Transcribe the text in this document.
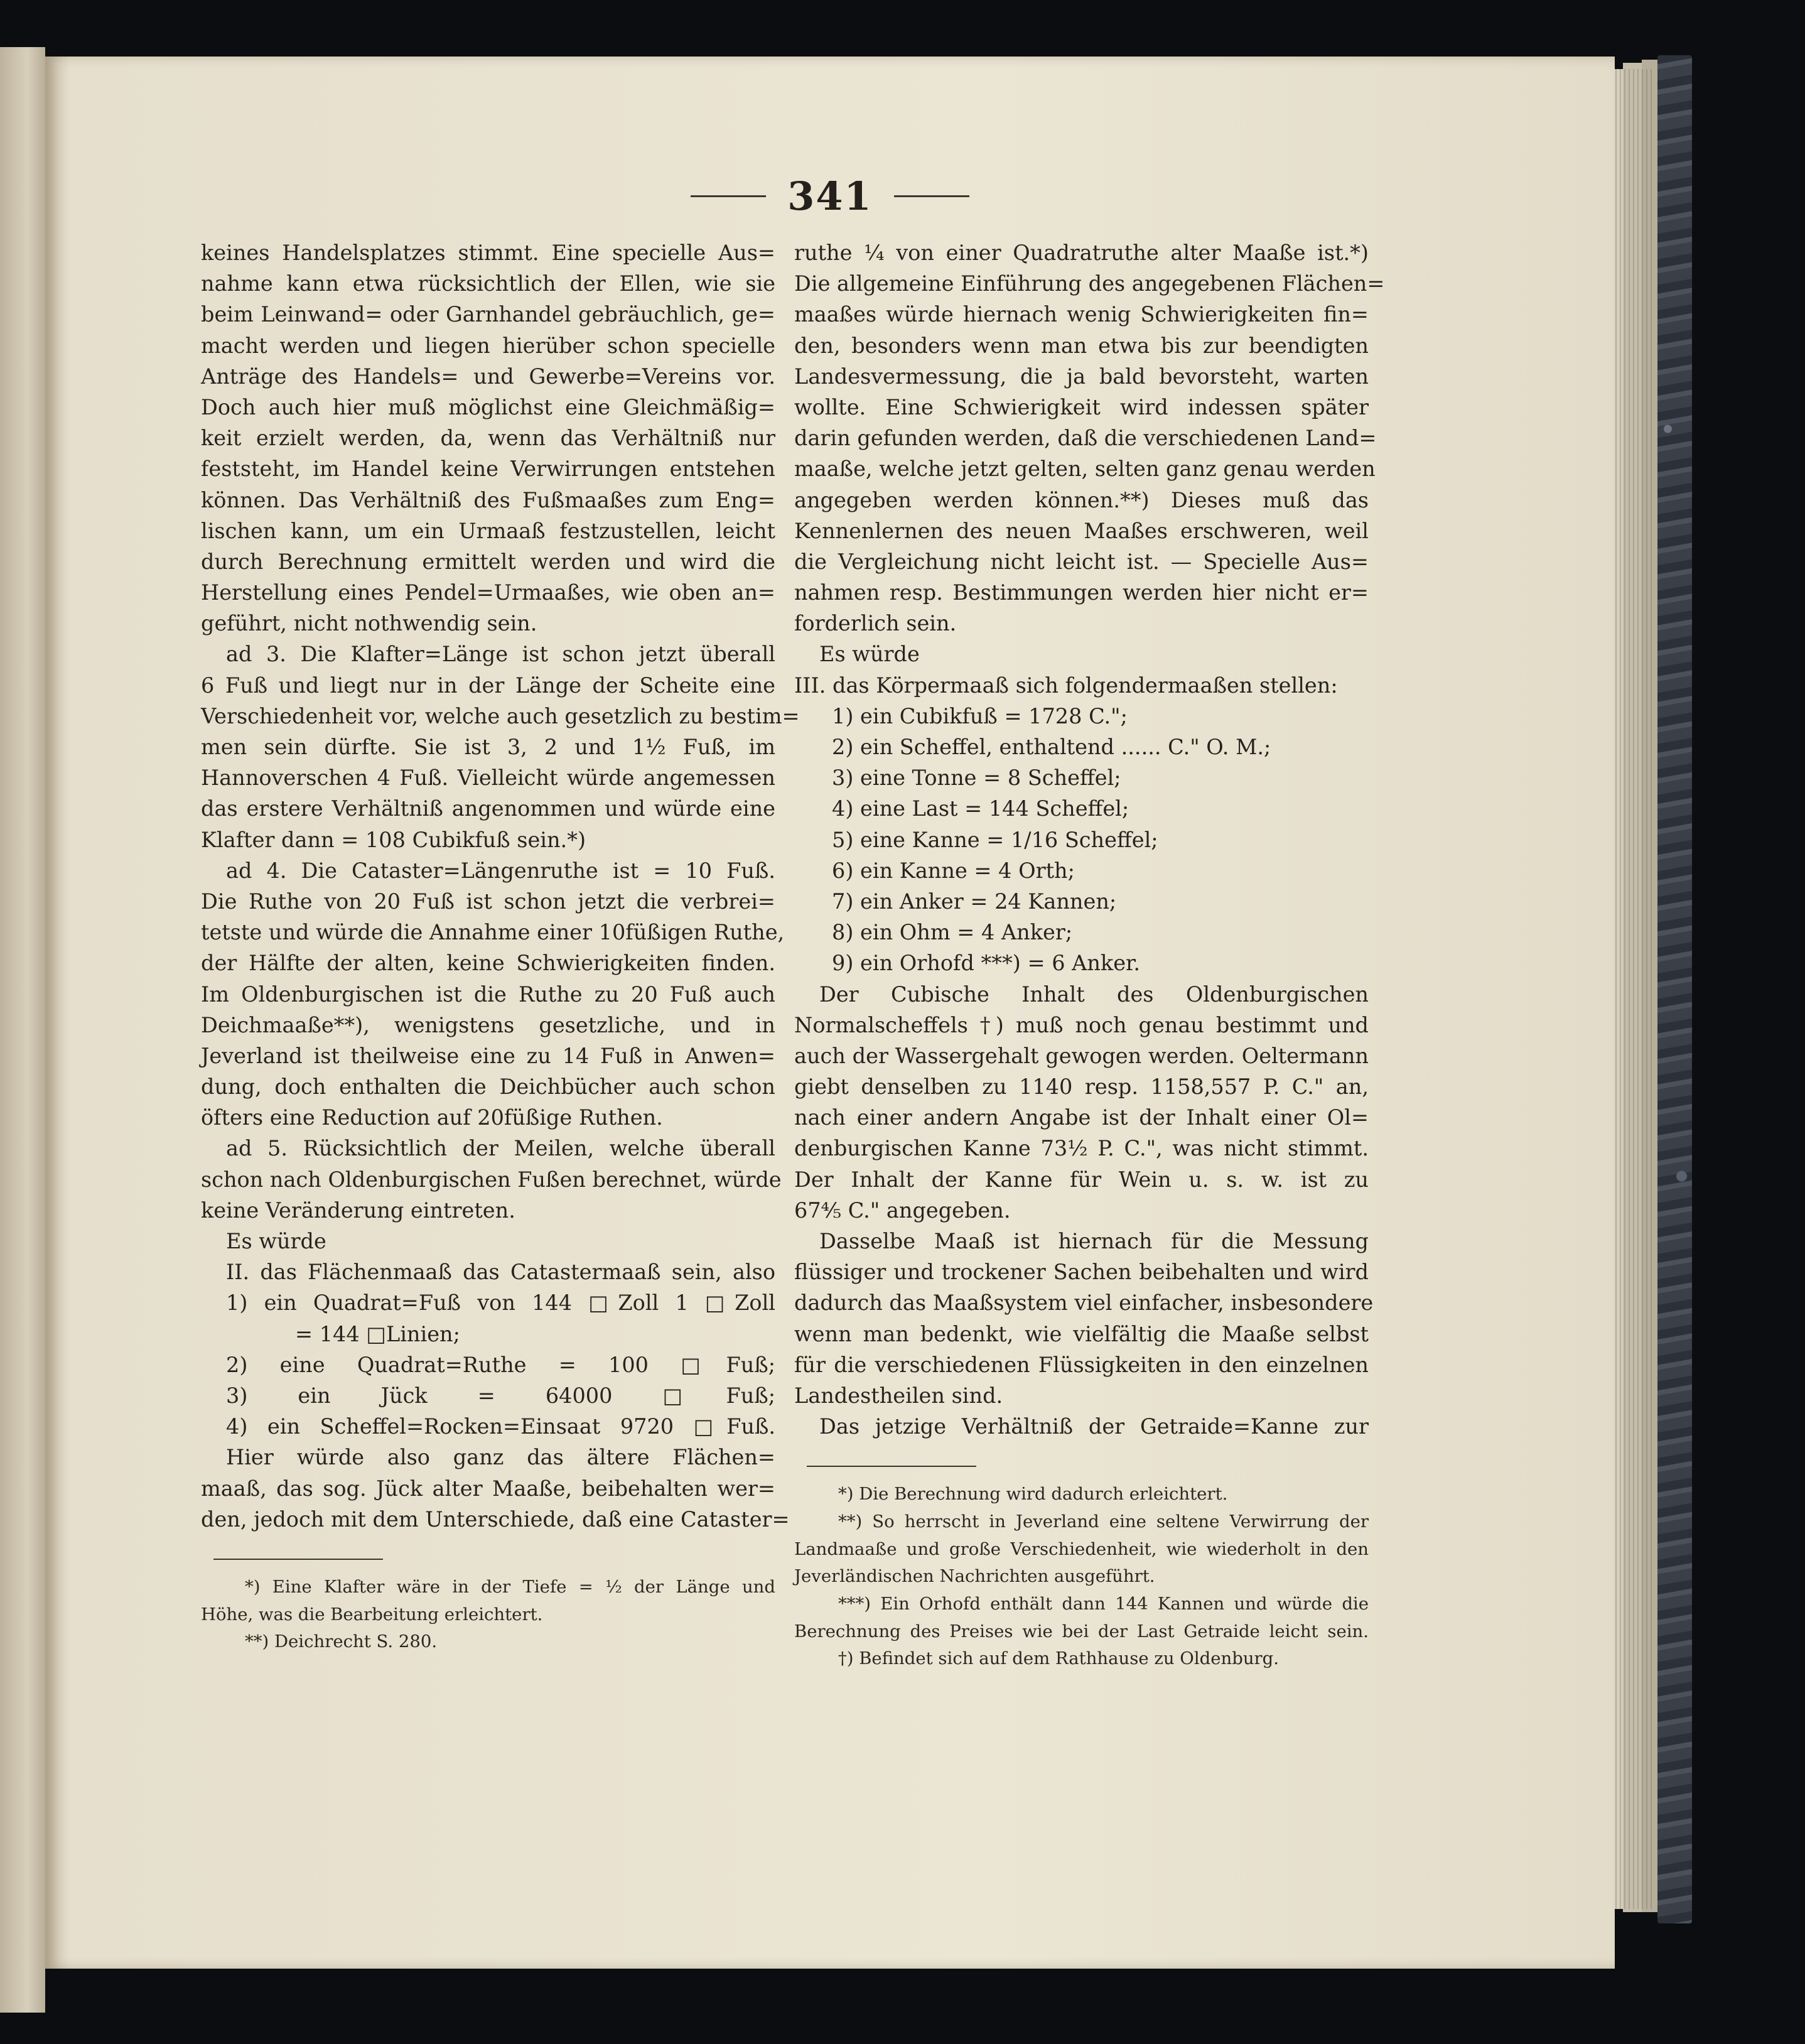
341
keines Handelsplatzes stimmt. Eine specielle Aus=
nahme kann etwa rücksichtlich der Ellen, wie sie
beim Leinwand= oder Garnhandel gebräuchlich, ge=
macht werden und liegen hierüber schon specielle
Anträge des Handels= und Gewerbe=Vereins vor.
Doch auch hier muß möglichst eine Gleichmäßig=
keit erzielt werden, da, wenn das Verhältniß nur
feststeht, im Handel keine Verwirrungen entstehen
können. Das Verhältniß des Fußmaaßes zum Eng=
lischen kann, um ein Urmaaß festzustellen, leicht
durch Berechnung ermittelt werden und wird die
Herstellung eines Pendel=Urmaaßes, wie oben an=
geführt, nicht nothwendig sein.
ad 3. Die Klafter=Länge ist schon jetzt überall
6 Fuß und liegt nur in der Länge der Scheite eine
Verschiedenheit vor, welche auch gesetzlich zu bestim=
men sein dürfte. Sie ist 3, 2 und 1½ Fuß, im
Hannoverschen 4 Fuß. Vielleicht würde angemessen
das erstere Verhältniß angenommen und würde eine
Klafter dann = 108 Cubikfuß sein.*)
ad 4. Die Cataster=Längenruthe ist = 10 Fuß.
Die Ruthe von 20 Fuß ist schon jetzt die verbrei=
tetste und würde die Annahme einer 10füßigen Ruthe,
der Hälfte der alten, keine Schwierigkeiten finden.
Im Oldenburgischen ist die Ruthe zu 20 Fuß auch
Deichmaaße**), wenigstens gesetzliche, und in
Jeverland ist theilweise eine zu 14 Fuß in Anwen=
dung, doch enthalten die Deichbücher auch schon
öfters eine Reduction auf 20füßige Ruthen.
ad 5. Rücksichtlich der Meilen, welche überall
schon nach Oldenburgischen Fußen berechnet, würde
keine Veränderung eintreten.
Es würde
II. das Flächenmaaß das Catastermaaß sein, also
1) ein Quadrat=Fuß von 144 □Zoll 1 □Zoll
= 144 □Linien;
2) eine Quadrat=Ruthe = 100 □Fuß;
3) ein Jück = 64000 □Fuß;
4) ein Scheffel=Rocken=Einsaat 9720 □Fuß.
Hier würde also ganz das ältere Flächen=
maaß, das sog. Jück alter Maaße, beibehalten wer=
den, jedoch mit dem Unterschiede, daß eine Cataster=
*) Eine Klafter wäre in der Tiefe = ½ der Länge und
Höhe, was die Bearbeitung erleichtert.
**) Deichrecht S. 280.
ruthe ¼ von einer Quadratruthe alter Maaße ist.*)
Die allgemeine Einführung des angegebenen Flächen=
maaßes würde hiernach wenig Schwierigkeiten fin=
den, besonders wenn man etwa bis zur beendigten
Landesvermessung, die ja bald bevorsteht, warten
wollte. Eine Schwierigkeit wird indessen später
darin gefunden werden, daß die verschiedenen Land=
maaße, welche jetzt gelten, selten ganz genau werden
angegeben werden können.**) Dieses muß das
Kennenlernen des neuen Maaßes erschweren, weil
die Vergleichung nicht leicht ist. — Specielle Aus=
nahmen resp. Bestimmungen werden hier nicht er=
forderlich sein.
Es würde
III. das Körpermaaß sich folgendermaaßen stellen:
1) ein Cubikfuß = 1728 C.";
2) ein Scheffel, enthaltend ...... C." O. M.;
3) eine Tonne = 8 Scheffel;
4) eine Last = 144 Scheffel;
5) eine Kanne = 1/16 Scheffel;
6) ein Kanne = 4 Orth;
7) ein Anker = 24 Kannen;
8) ein Ohm = 4 Anker;
9) ein Orhofd ***) = 6 Anker.
Der Cubische Inhalt des Oldenburgischen
Normalscheffels †) muß noch genau bestimmt und
auch der Wassergehalt gewogen werden. Oeltermann
giebt denselben zu 1140 resp. 1158,557 P. C." an,
nach einer andern Angabe ist der Inhalt einer Ol=
denburgischen Kanne 73½ P. C.", was nicht stimmt.
Der Inhalt der Kanne für Wein u. s. w. ist zu
67⅘ C." angegeben.
Dasselbe Maaß ist hiernach für die Messung
flüssiger und trockener Sachen beibehalten und wird
dadurch das Maaßsystem viel einfacher, insbesondere
wenn man bedenkt, wie vielfältig die Maaße selbst
für die verschiedenen Flüssigkeiten in den einzelnen
Landestheilen sind.
Das jetzige Verhältniß der Getraide=Kanne zur
*) Die Berechnung wird dadurch erleichtert.
**) So herrscht in Jeverland eine seltene Verwirrung der
Landmaaße und große Verschiedenheit, wie wiederholt in den
Jeverländischen Nachrichten ausgeführt.
***) Ein Orhofd enthält dann 144 Kannen und würde die
Berechnung des Preises wie bei der Last Getraide leicht sein.
†) Befindet sich auf dem Rathhause zu Oldenburg.
